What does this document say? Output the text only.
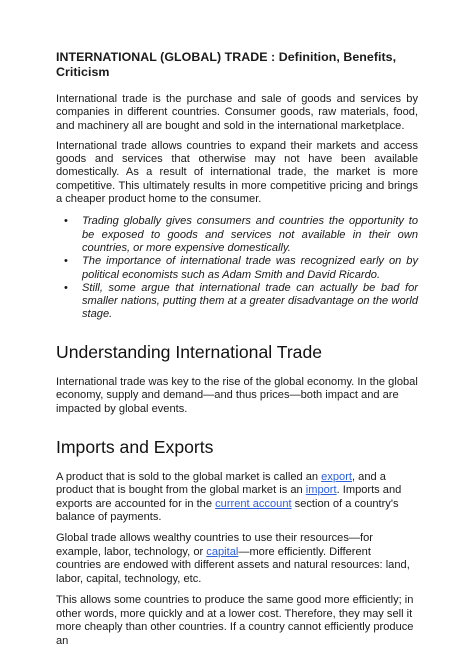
INTERNATIONAL (GLOBAL) TRADE : Definition, Benefits, Criticism

International trade is the purchase and sale of goods and services by companies in different countries. Consumer goods, raw materials, food, and machinery all are bought and sold in the international marketplace.

International trade allows countries to expand their markets and access goods and services that otherwise may not have been available domestically. As a result of international trade, the market is more competitive. This ultimately results in more competitive pricing and brings a cheaper product home to the consumer.

• Trading globally gives consumers and countries the opportunity to be exposed to goods and services not available in their own countries, or more expensive domestically.
• The importance of international trade was recognized early on by political economists such as Adam Smith and David Ricardo.
• Still, some argue that international trade can actually be bad for smaller nations, putting them at a greater disadvantage on the world stage.
Understanding International Trade

International trade was key to the rise of the global economy. In the global economy, supply and demand—and thus prices—both impact and are impacted by global events.

Imports and Exports

A product that is sold to the global market is called an export, and a product that is bought from the global market is an import. Imports and exports are accounted for in the current account section of a country's balance of payments.

Global trade allows wealthy countries to use their resources—for example, labor, technology, or capital—more efficiently. Different countries are endowed with different assets and natural resources: land, labor, capital, technology, etc.

This allows some countries to produce the same good more efficiently; in other words, more quickly and at a lower cost. Therefore, they may sell it more cheaply than other countries. If a country cannot efficiently produce an
